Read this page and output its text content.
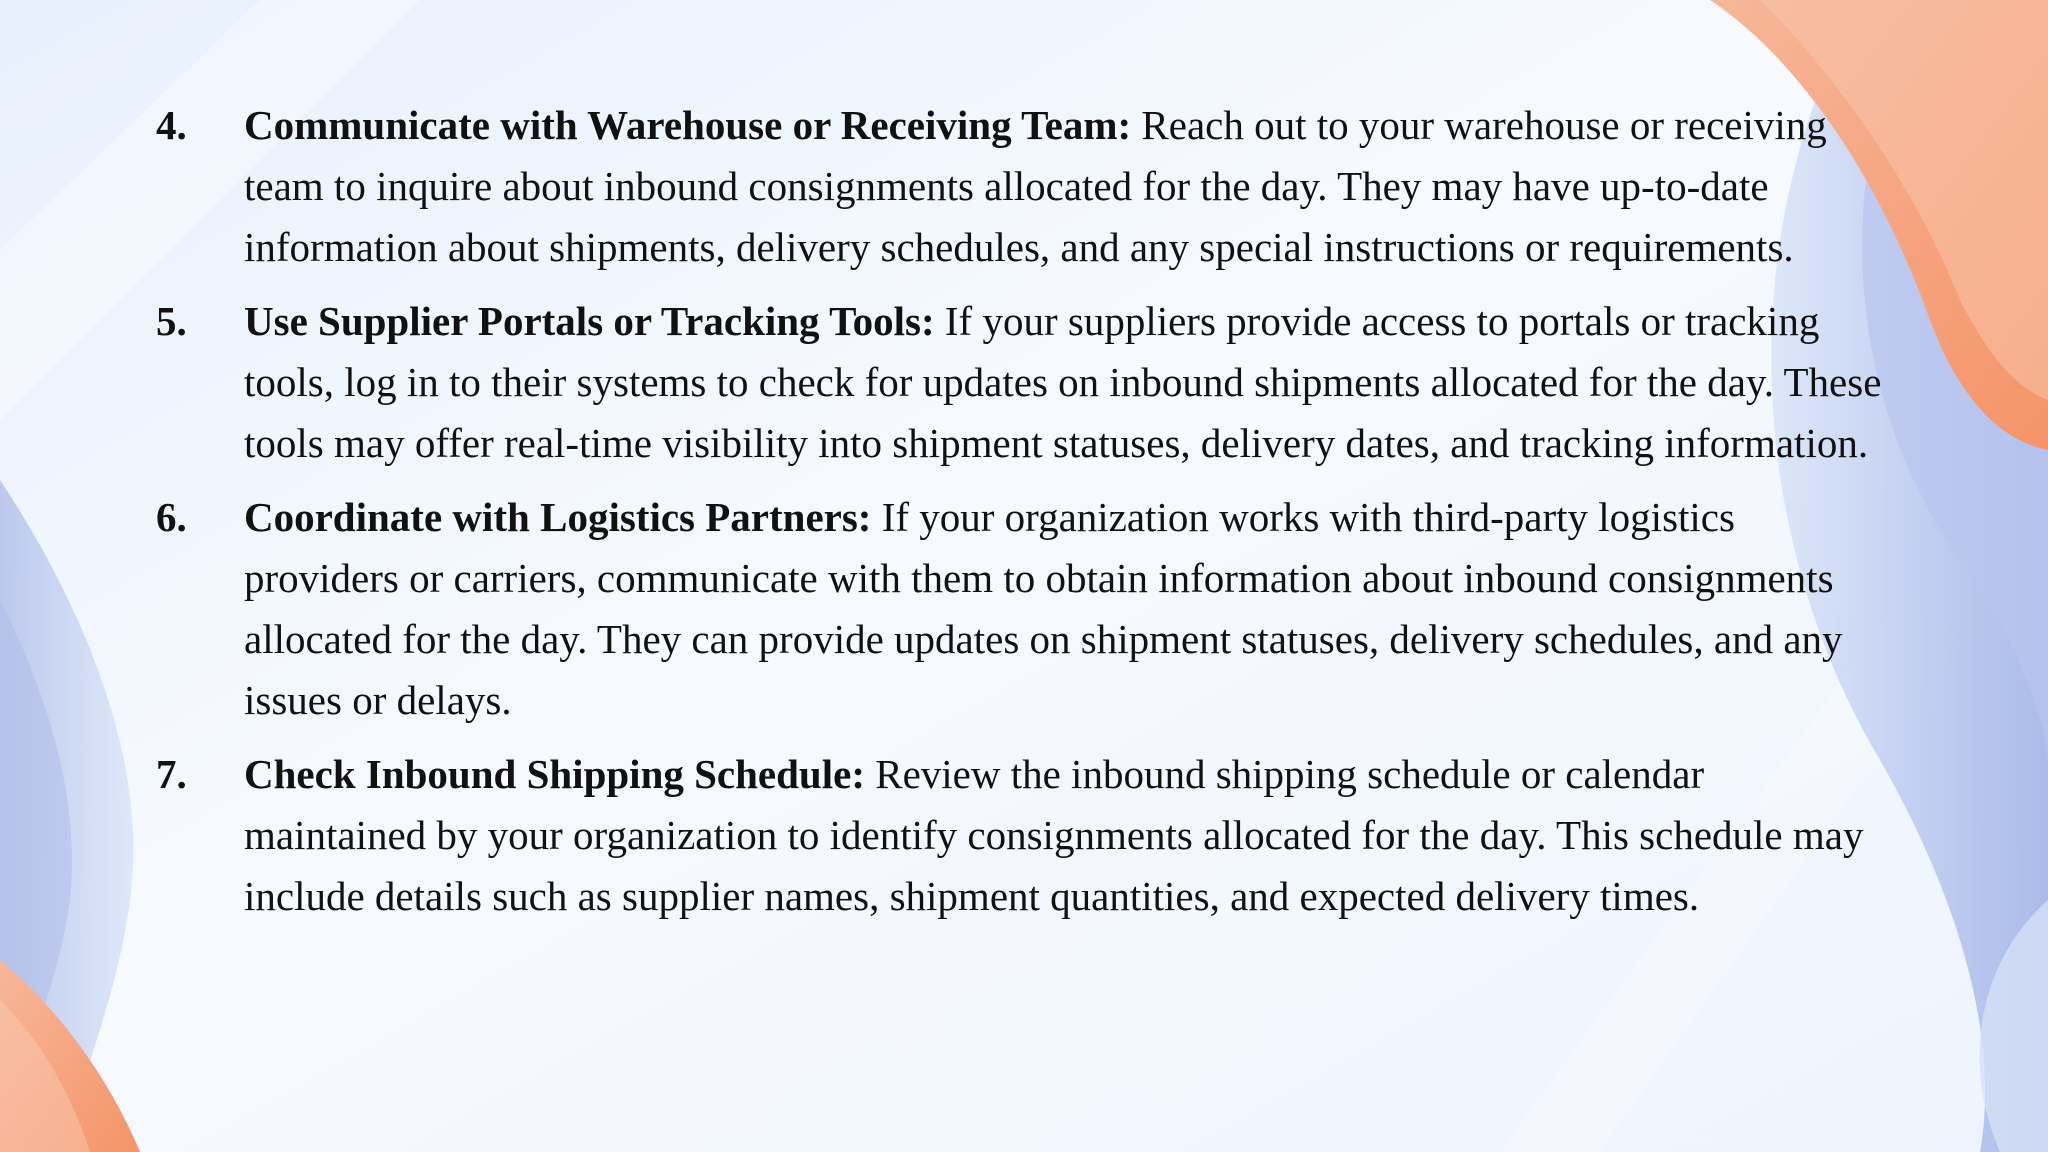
4.	Communicate with Warehouse or Receiving Team: Reach out to your warehouse or receiving team to inquire about inbound consignments allocated for the day. They may have up-to-date information about shipments, delivery schedules, and any special instructions or requirements.
5.	Use Supplier Portals or Tracking Tools: If your suppliers provide access to portals or tracking tools, log in to their systems to check for updates on inbound shipments allocated for the day. These tools may offer real-time visibility into shipment statuses, delivery dates, and tracking information.
6.	Coordinate with Logistics Partners: If your organization works with third-party logistics providers or carriers, communicate with them to obtain information about inbound consignments allocated for the day. They can provide updates on shipment statuses, delivery schedules, and any issues or delays.
7.	Check Inbound Shipping Schedule: Review the inbound shipping schedule or calendar maintained by your organization to identify consignments allocated for the day. This schedule may include details such as supplier names, shipment quantities, and expected delivery times.
